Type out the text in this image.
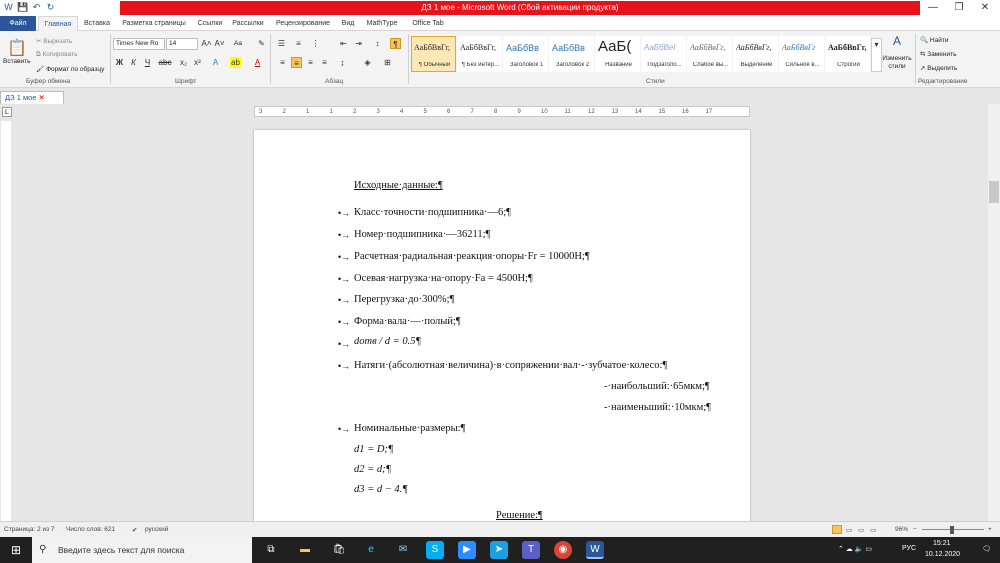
W 💾 ↶ ↻	ДЗ 1 мое - Microsoft Word (Сбой активации продукта)	—	❐	✕
Файл	Главная	Вставка	Разметка страницы	Ссылки	Рассылки	Рецензирование	Вид	MathType	Office Tab
📋
Вставить
✂ Вырезать
⧉ Копировать
🖌 Формат по образцу
Буфер обмена
Times New Ro	14	A˄ A˅ Aa ✎
Ж	К	Ч	abc x₂ x²	A	ab	A
Шрифт
☰	≡	⋮	⇤ ⇥	↕	¶
≡	≡	≡	≡	↨	◈	⊞
Абзац
АаБбВвГг,
¶ Обычный
АаБбВвГг,
¶ Без интер...
АаБбВв
Заголовок 1
АаБбВв
Заголовок 2
АаБ(
Название
АаБбВеI
Подзаголо...
АаБбВвГг,
Слабое вы...
АаБбВвГг,
Выделение
АаБбВвГг
Сильное в...
АаБбВвГг,
Строгий
▾	A
Изменить стили
Стили
🔍 Найти
⇆ Заменить
➚ Выделить
Редактирование
ДЗ 1 мое ✕
L	3	2	1	1	2	3	4	5	6	7	8	9	10	11	12	13	14	15	16	17
Исходные·данные:¶
•→ Класс·точности·подшипника·—6;¶
•→ Номер·подшипника·—36211;¶
•→ Расчетная·радиальная·реакция·опоры·Fr = 10000Н;¶
•→ Осевая·нагрузка·на·опору·Fa = 4500Н;¶
•→ Перегрузка·до·300%;¶
•→ Форма·вала·—·полый;¶
•→ dотв / d = 0.5¶
•→ Натяги·(абсолютная·величина)·в·сопряжении·вал·-·зубчатое·колесо:¶
-·наибольший:·65мкм;¶
-·наименьший:·10мкм;¶
•→ Номинальные·размеры:¶
d1 = D;¶
d2 = d;¶
d3 = d − 4.¶
Решение:¶
Страница: 2 из 7 Число слов: 621	✔ русский	▭ ▭ ▭	96% −	+
⊞	⚲ Введите здесь текст для поиска	⧉	▬	🛍	e	✉	S	▶	➤	T	◉	W	⌃ ☁ 🔈 ▭	РУС
15:21
10.12.2020
🗨
